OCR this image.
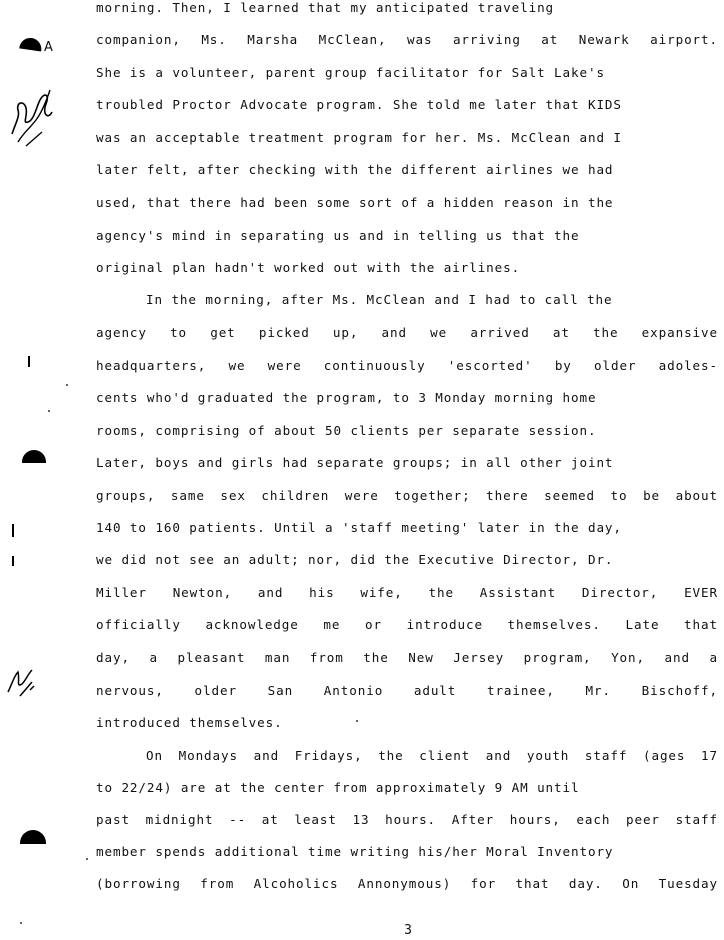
A
morning. Then, I learned that my anticipated traveling
companion, Ms. Marsha McClean, was arriving at Newark airport.
She is a volunteer, parent group facilitator for Salt Lake's
troubled Proctor Advocate program. She told me later that KIDS
was an acceptable treatment program for her. Ms. McClean and I
later felt, after checking with the different airlines we had
used, that there had been some sort of a hidden reason in the
agency's mind in separating us and in telling us that the
original plan hadn't worked out with the airlines.
In the morning, after Ms. McClean and I had to call the
agency to get picked up, and we arrived at the expansive
headquarters, we were continuously 'escorted' by older adoles-
cents who'd graduated the program, to 3 Monday morning home
rooms, comprising of about 50 clients per separate session.
Later, boys and girls had separate groups; in all other joint
groups, same sex children were together; there seemed to be about
140 to 160 patients. Until a 'staff meeting' later in the day,
we did not see an adult; nor, did the Executive Director, Dr.
Miller Newton, and his wife, the Assistant Director, EVER
officially acknowledge me or introduce themselves. Late that
day, a pleasant man from the New Jersey program, Yon, and a
nervous, older San Antonio adult trainee, Mr. Bischoff,
introduced themselves.
On Mondays and Fridays, the client and youth staff (ages 17
to 22/24) are at the center from approximately 9 AM until
past midnight -- at least 13 hours. After hours, each peer staff
member spends additional time writing his/her Moral Inventory
(borrowing from Alcoholics Annonymous) for that day. On Tuesday
3
